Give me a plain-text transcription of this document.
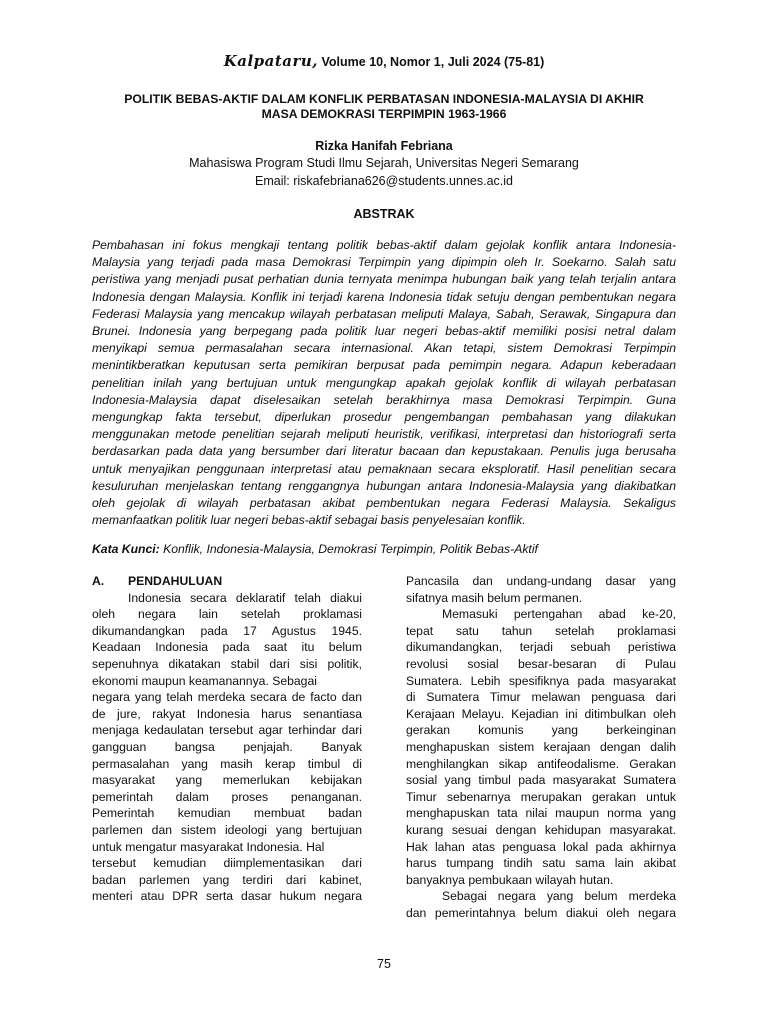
Kalpataru, Volume 10, Nomor 1, Juli 2024 (75-81)
POLITIK BEBAS-AKTIF DALAM KONFLIK PERBATASAN INDONESIA-MALAYSIA DI AKHIR
MASA DEMOKRASI TERPIMPIN 1963-1966
Rizka Hanifah Febriana
Mahasiswa Program Studi Ilmu Sejarah, Universitas Negeri Semarang
Email: riskafebriana626@students.unnes.ac.id
ABSTRAK
Pembahasan ini fokus mengkaji tentang politik bebas-aktif dalam gejolak konflik antara Indonesia-
Malaysia yang terjadi pada masa Demokrasi Terpimpin yang dipimpin oleh Ir. Soekarno. Salah satu
peristiwa yang menjadi pusat perhatian dunia ternyata menimpa hubungan baik yang telah terjalin antara
Indonesia dengan Malaysia. Konflik ini terjadi karena Indonesia tidak setuju dengan pembentukan negara
Federasi Malaysia yang mencakup wilayah perbatasan meliputi Malaya, Sabah, Serawak, Singapura dan
Brunei. Indonesia yang berpegang pada politik luar negeri bebas-aktif memiliki posisi netral dalam
menyikapi semua permasalahan secara internasional. Akan tetapi, sistem Demokrasi Terpimpin
menintikberatkan keputusan serta pemikiran berpusat pada pemimpin negara. Adapun keberadaan
penelitian inilah yang bertujuan untuk mengungkap apakah gejolak konflik di wilayah perbatasan
Indonesia-Malaysia dapat diselesaikan setelah berakhirnya masa Demokrasi Terpimpin. Guna
mengungkap fakta tersebut, diperlukan prosedur pengembangan pembahasan yang dilakukan
menggunakan metode penelitian sejarah meliputi heuristik, verifikasi, interpretasi dan historiografi serta
berdasarkan pada data yang bersumber dari literatur bacaan dan kepustakaan. Penulis juga berusaha
untuk menyajikan penggunaan interpretasi atau pemaknaan secara eksploratif. Hasil penelitian secara
kesuluruhan menjelaskan tentang renggangnya hubungan antara Indonesia-Malaysia yang diakibatkan
oleh gejolak di wilayah perbatasan akibat pembentukan negara Federasi Malaysia. Sekaligus
memanfaatkan politik luar negeri bebas-aktif sebagai basis penyelesaian konflik.
Kata Kunci: Konflik, Indonesia-Malaysia, Demokrasi Terpimpin, Politik Bebas-Aktif
A. PENDAHULUAN
Indonesia secara deklaratif telah diakui
oleh negara lain setelah proklamasi
dikumandangkan pada 17 Agustus 1945.
Keadaan Indonesia pada saat itu belum
sepenuhnya dikatakan stabil dari sisi politik,
ekonomi maupun keamanannya. Sebagai
negara yang telah merdeka secara de facto dan
de jure, rakyat Indonesia harus senantiasa
menjaga kedaulatan tersebut agar terhindar dari
gangguan bangsa penjajah. Banyak
permasalahan yang masih kerap timbul di
masyarakat yang memerlukan kebijakan
pemerintah dalam proses penanganan.
Pemerintah kemudian membuat badan
parlemen dan sistem ideologi yang bertujuan
untuk mengatur masyarakat Indonesia. Hal
tersebut kemudian diimplementasikan dari
badan parlemen yang terdiri dari kabinet,
menteri atau DPR serta dasar hukum negara
Pancasila dan undang-undang dasar yang
sifatnya masih belum permanen.
Memasuki pertengahan abad ke-20,
tepat satu tahun setelah proklamasi
dikumandangkan, terjadi sebuah peristiwa
revolusi sosial besar-besaran di Pulau
Sumatera. Lebih spesifiknya pada masyarakat
di Sumatera Timur melawan penguasa dari
Kerajaan Melayu. Kejadian ini ditimbulkan oleh
gerakan komunis yang berkeinginan
menghapuskan sistem kerajaan dengan dalih
menghilangkan sikap antifeodalisme. Gerakan
sosial yang timbul pada masyarakat Sumatera
Timur sebenarnya merupakan gerakan untuk
menghapuskan tata nilai maupun norma yang
kurang sesuai dengan kehidupan masyarakat.
Hak lahan atas penguasa lokal pada akhirnya
harus tumpang tindih satu sama lain akibat
banyaknya pembukaan wilayah hutan.
Sebagai negara yang belum merdeka
dan pemerintahnya belum diakui oleh negara
75
